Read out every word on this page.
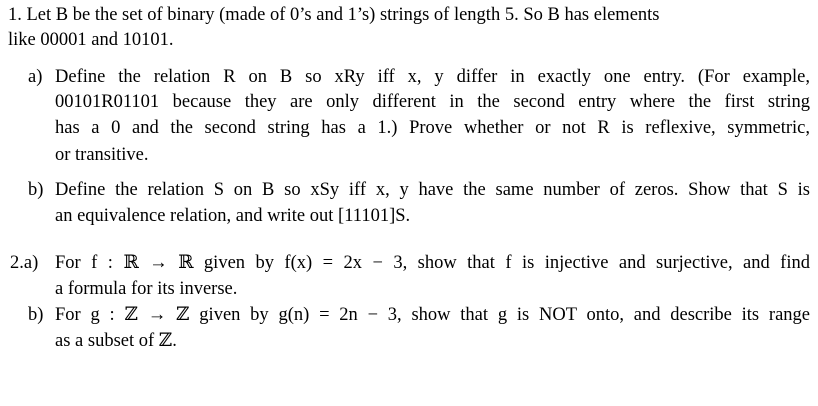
1. Let B be the set of binary (made of 0’s and 1’s) strings of length 5. So B has elements
like 00001 and 10101.
a) Define the relation R on B so xRy iff x, y differ in exactly one entry. (For example,
00101R01101 because they are only different in the second entry where the first string
has a 0 and the second string has a 1.) Prove whether or not R is reflexive, symmetric,
or transitive.
b) Define the relation S on B so xSy iff x, y have the same number of zeros. Show that S is
an equivalence relation, and write out [11101]S.
2.a) For f : ℝ → ℝ given by f(x) = 2x − 3, show that f is injective and surjective, and find
a formula for its inverse.
b) For g : ℤ → ℤ given by g(n) = 2n − 3, show that g is NOT onto, and describe its range
as a subset of ℤ.
